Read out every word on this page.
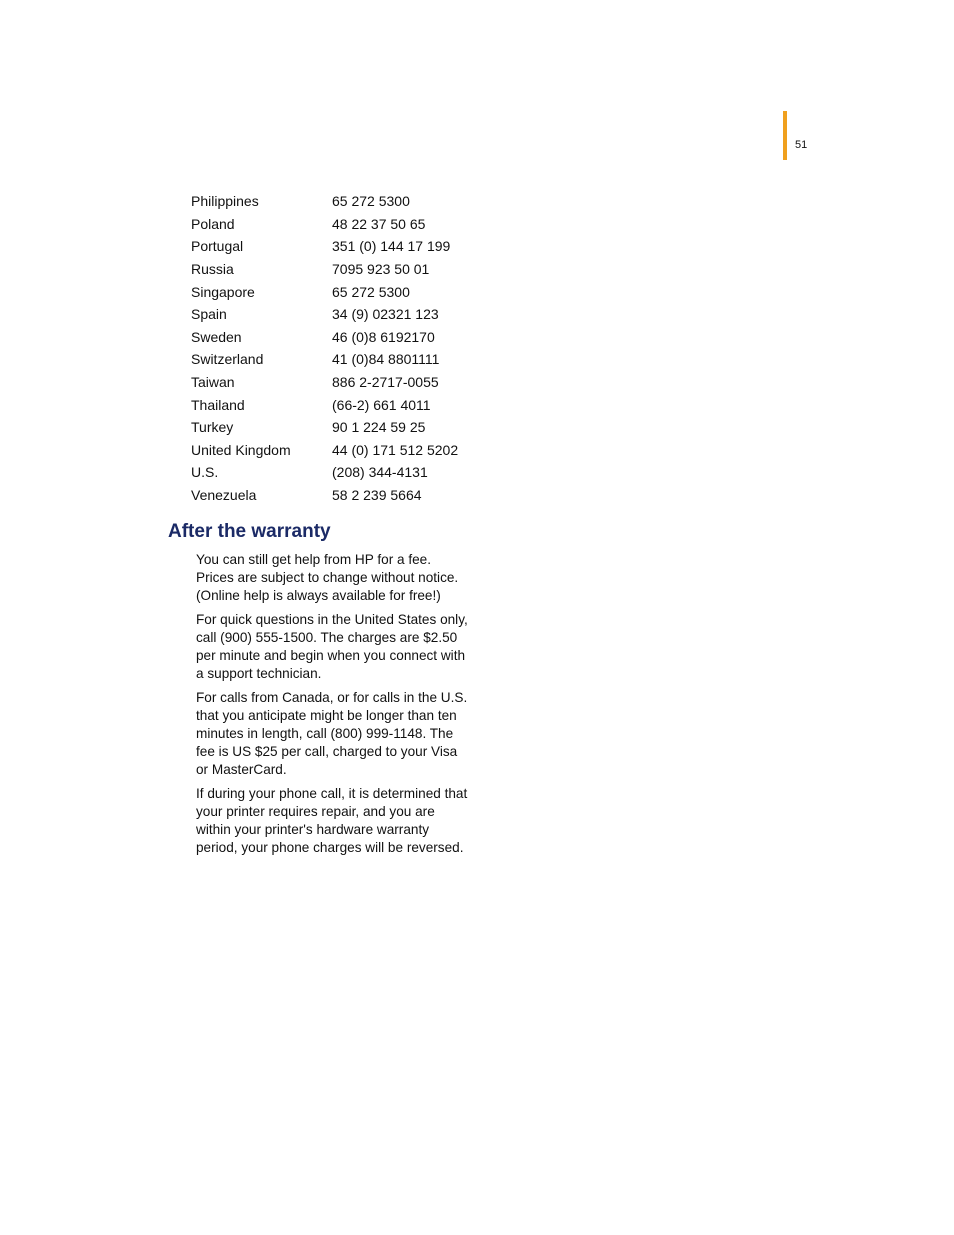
51
Philippines	65 272 5300
Poland	48 22 37 50 65
Portugal	351 (0) 144 17 199
Russia	7095 923 50 01
Singapore	65 272 5300
Spain	34 (9) 02321 123
Sweden	46 (0)8 6192170
Switzerland	41 (0)84 8801111
Taiwan	886 2-2717-0055
Thailand	(66-2) 661 4011
Turkey	90 1 224 59 25
United Kingdom	44 (0) 171 512 5202
U.S.	(208) 344-4131
Venezuela	58 2 239 5664
After the warranty

You can still get help from HP for a fee. Prices are subject to change without notice. (Online help is always available for free!)

For quick questions in the United States only, call (900) 555-1500. The charges are $2.50 per minute and begin when you connect with a support technician.

For calls from Canada, or for calls in the U.S. that you anticipate might be longer than ten minutes in length, call (800) 999-1148. The fee is US $25 per call, charged to your Visa or MasterCard.

If during your phone call, it is determined that your printer requires repair, and you are within your printer's hardware warranty period, your phone charges will be reversed.
